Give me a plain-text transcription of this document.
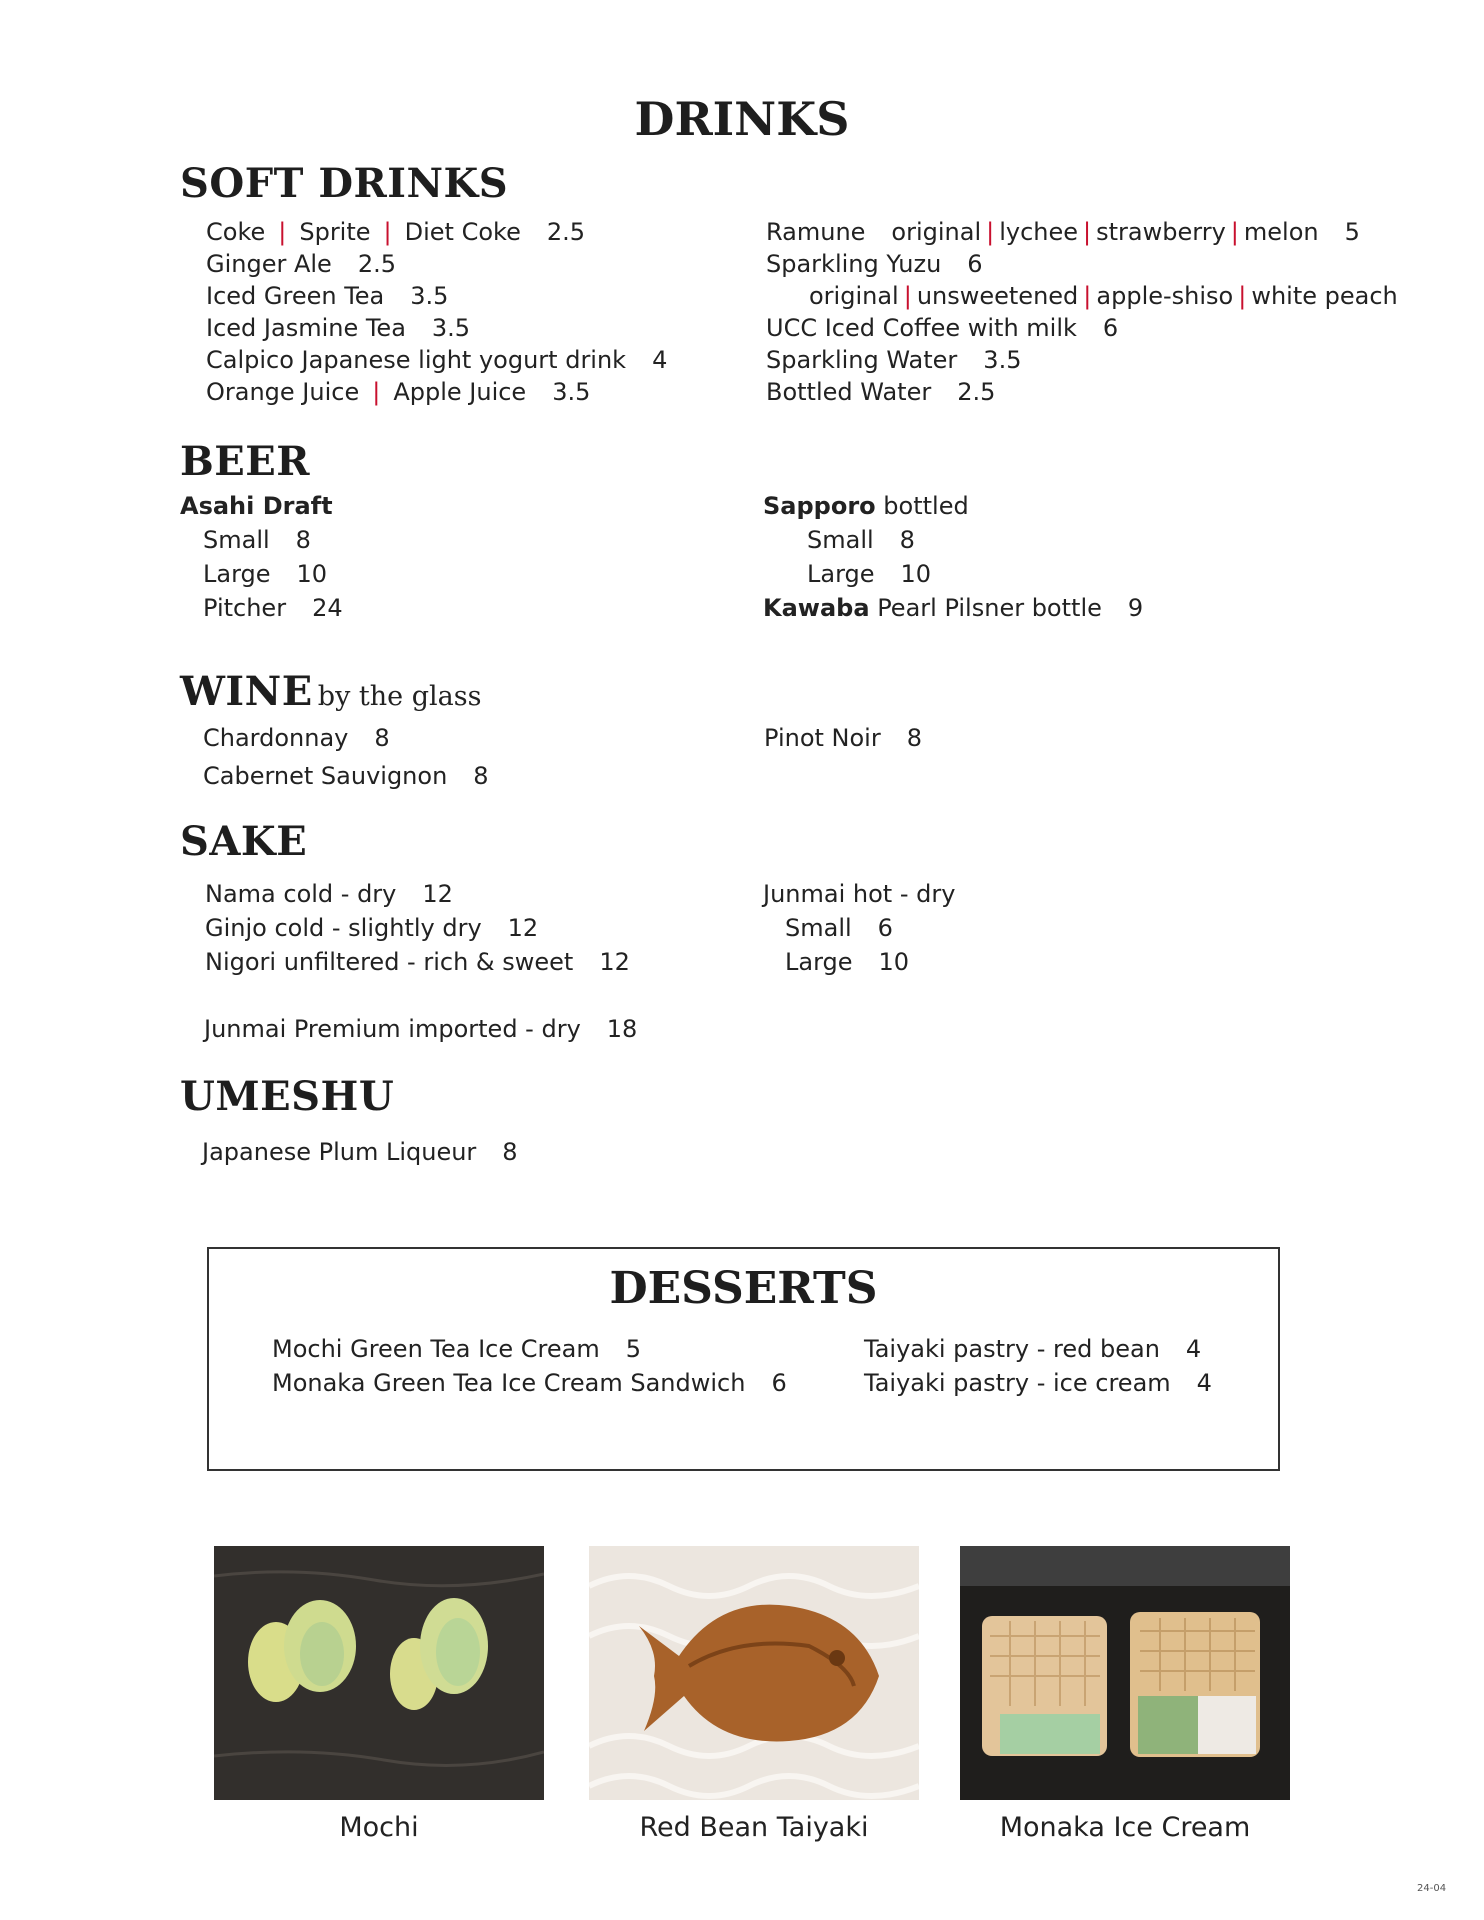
DRINKS
SOFT DRINKS
Coke | Sprite | Diet Coke 2.5
Ginger Ale 2.5
Iced Green Tea 3.5
Iced Jasmine Tea 3.5
Calpico Japanese light yogurt drink 4
Orange Juice | Apple Juice 3.5
Ramune original | lychee | strawberry | melon 5
Sparkling Yuzu 6
original | unsweetened | apple-shiso | white peach
UCC Iced Coffee with milk 6
Sparkling Water 3.5
Bottled Water 2.5
BEER
Asahi Draft
Small 8
Large 10
Pitcher 24
Sapporo bottled
Small 8
Large 10
Kawaba Pearl Pilsner bottle 9
WINE by the glass
Chardonnay 8
Cabernet Sauvignon 8
Pinot Noir 8
SAKE
Nama cold - dry 12
Ginjo cold - slightly dry 12
Nigori unfiltered - rich & sweet 12
Junmai Premium imported - dry 18
Junmai hot - dry
Small 6
Large 10
UMESHU
Japanese Plum Liqueur 8
DESSERTS
Mochi Green Tea Ice Cream 5
Monaka Green Tea Ice Cream Sandwich 6
Taiyaki pastry - red bean 4
Taiyaki pastry - ice cream 4
Mochi	Red Bean Taiyaki	Monaka Ice Cream
24-04
